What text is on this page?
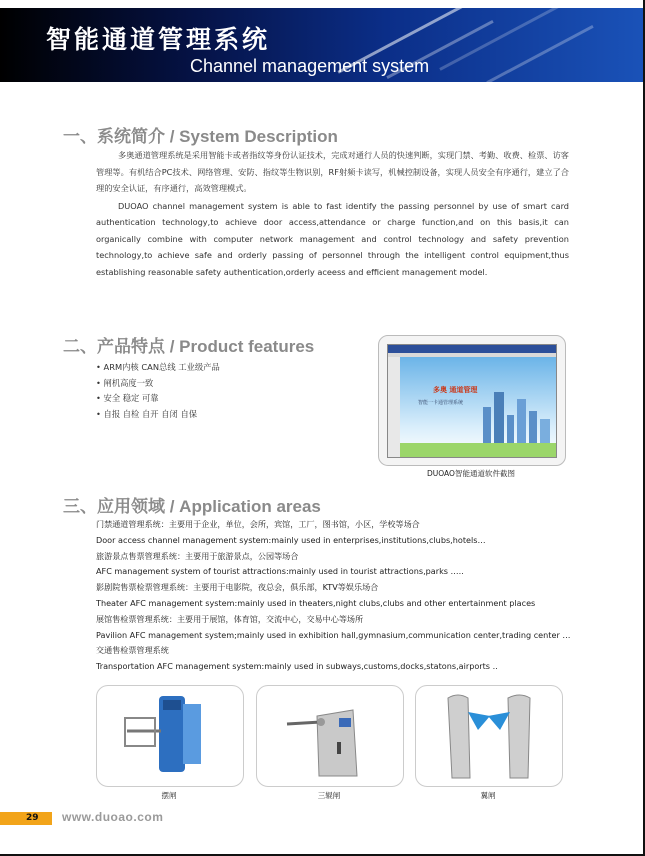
智能通道管理系统
Channel management system
一、系统简介 / System Description
多奥通道管理系统是采用智能卡或者指纹等身份认证技术，完成对通行人员的快速判断，实现门禁、考勤、收费、检票、访客管理等。有机结合PC技术、网络管理、安防、指纹等生物识别，RF射频卡读写，机械控制设备，实现人员安全有序通行，建立了合理的安全认证，有序通行，高效管理模式。
DUOAO channel management system is able to fast identify the passing personnel by use of smart card authentication technology,to achieve door access,attendance or charge function,and on this basis,it can organically combine with computer network management and control technology and safety prevention technology,to achieve safe and orderly passing of personnel through the intelligent control equipment,thus establishing reasonable safety authentication,orderly aceess and efficient management model.
二、产品特点 / Product features
• ARM内核 CAN总线 工业级产品
• 闸机高度一致
• 安全 稳定 可靠
• 自报 自检 自开 自闭 自保
多奥 通道管理
智能一卡通管理系统
DUOAO智能通道软件截图
三、应用领域 / Application areas
门禁通道管理系统：主要用于企业，单位，会所，宾馆，工厂，图书馆，小区，学校等场合
Door access channel management system:mainly used in enterprises,institutions,clubs,hotels…
旅游景点售票管理系统：主要用于旅游景点，公园等场合
AFC management system of tourist attractions:mainly used in tourist attractions,parks …..
影剧院售票检票管理系统：主要用于电影院，夜总会，俱乐部，KTV等娱乐场合
Theater AFC management system:mainly used in theaters,night clubs,clubs and other entertainment places
展馆售检票管理系统：主要用于展馆，体育馆，交流中心，交易中心等场所
Pavilion AFC management system;mainly used in exhibition hall,gymnasium,communication center,trading center …
交通售检票管理系统
Transportation AFC management system:mainly used in subways,customs,docks,statons,airports ..
摆闸	三辊闸	翼闸
29 www.duoao.com
